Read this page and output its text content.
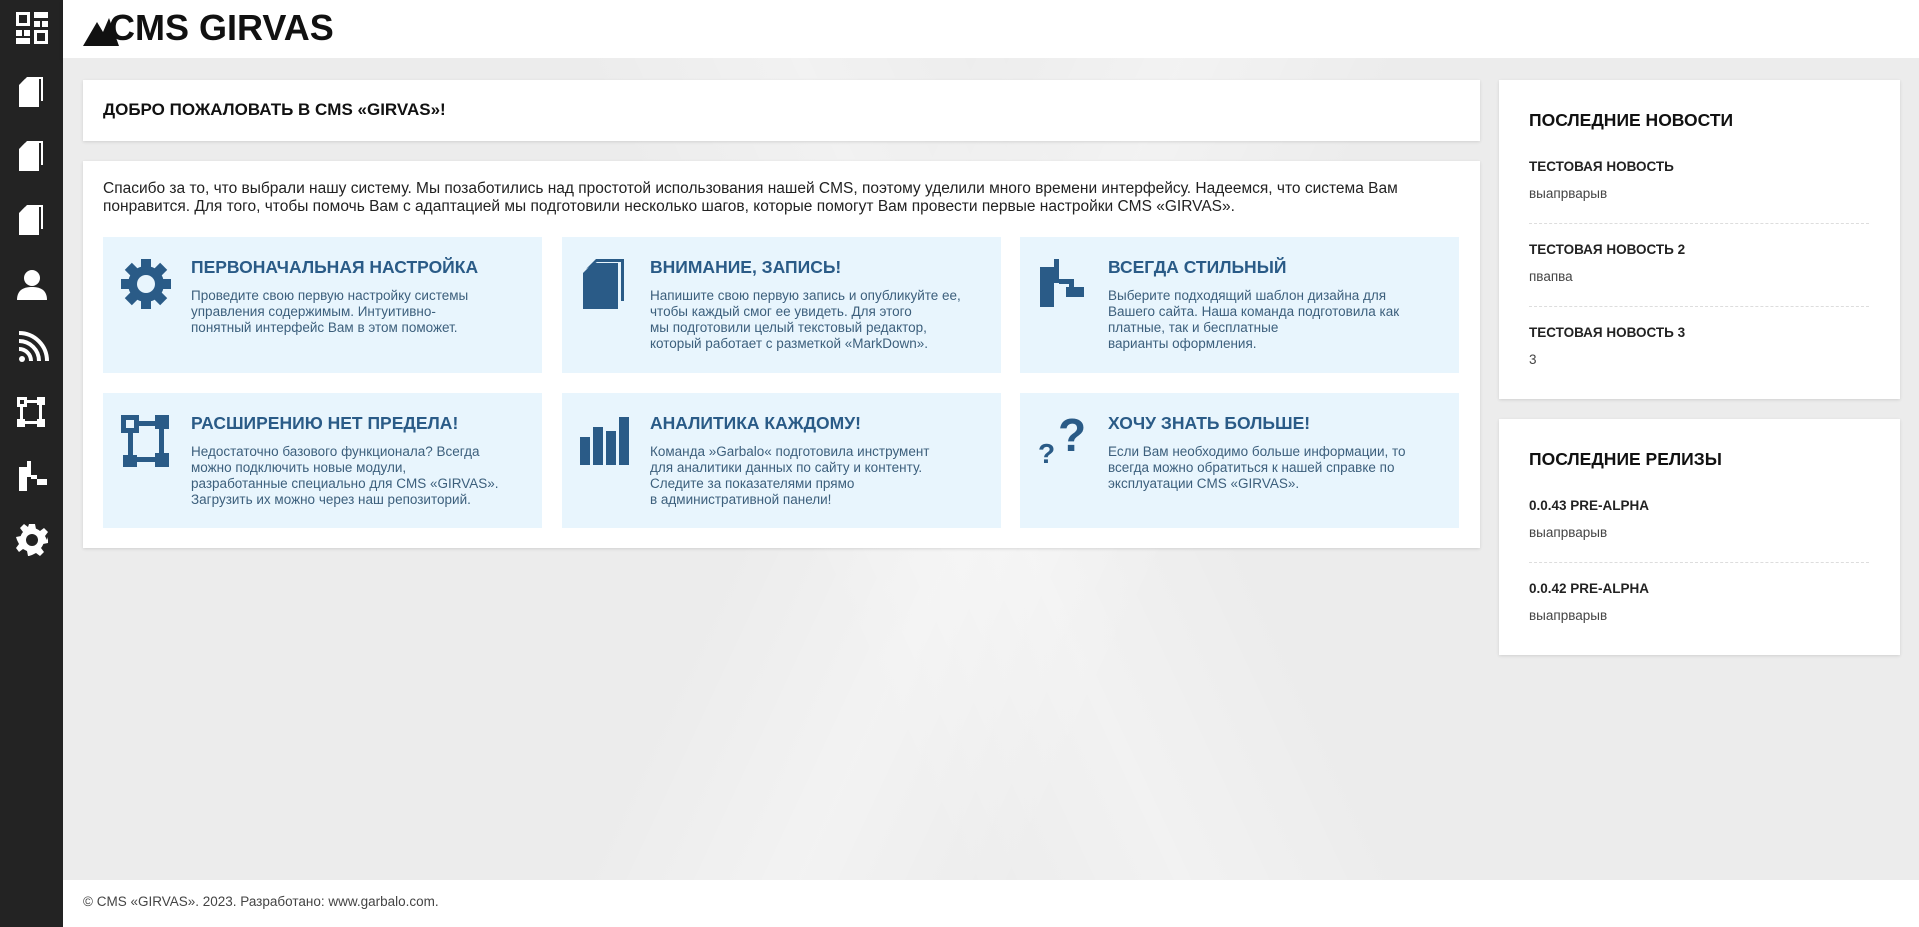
CMS GIRVAS
ДОБРО ПОЖАЛОВАТЬ В CMS «GIRVAS»!

Спасибо за то, что выбрали нашу систему. Мы позаботились над простотой использования нашей CMS, поэтому уделили много времени интерфейсу. Надеемся, что система Вам понравится. Для того, чтобы помочь Вам с адаптацией мы подготовили несколько шагов, которые помогут Вам провести первые настройки CMS «GIRVAS».

ПЕРВОНАЧАЛЬНАЯ НАСТРОЙКА
Проведите свою первую настройку системы
управления содержимым. Интуитивно-
понятный интерфейс Вам в этом поможет.
ВНИМАНИЕ, ЗАПИСЬ!
Напишите свою первую запись и опубликуйте ее,
чтобы каждый смог ее увидеть. Для этого
мы подготовили целый текстовый редактор,
который работает с разметкой «MarkDown».
ВСЕГДА СТИЛЬНЫЙ
Выберите подходящий шаблон дизайна для
Вашего сайта. Наша команда подготовила как
платные, так и бесплатные
варианты оформления.
РАСШИРЕНИЮ НЕТ ПРЕДЕЛА!
Недостаточно базового функционала? Всегда
можно подключить новые модули,
разработанные специально для CMS «GIRVAS».
Загрузить их можно через наш репозиторий.
АНАЛИТИКА КАЖДОМУ!
Команда »Garbalo« подготовила инструмент
для аналитики данных по сайту и контенту.
Следите за показателями прямо
в административной панели!
?
?
ХОЧУ ЗНАТЬ БОЛЬШЕ!
Если Вам необходимо больше информации, то
всегда можно обратиться к нашей справке по
эксплуатации CMS «GIRVAS».
ПОСЛЕДНИЕ НОВОСТИ
ТЕСТОВАЯ НОВОСТЬ
выапрварыв
ТЕСТОВАЯ НОВОСТЬ 2
пвапва
ТЕСТОВАЯ НОВОСТЬ 3
3
ПОСЛЕДНИЕ РЕЛИЗЫ
0.0.43 PRE-ALPHA
выапрварыв
0.0.42 PRE-ALPHA
выапрварыв
© CMS «GIRVAS». 2023. Разработано: www.garbalo.com.
